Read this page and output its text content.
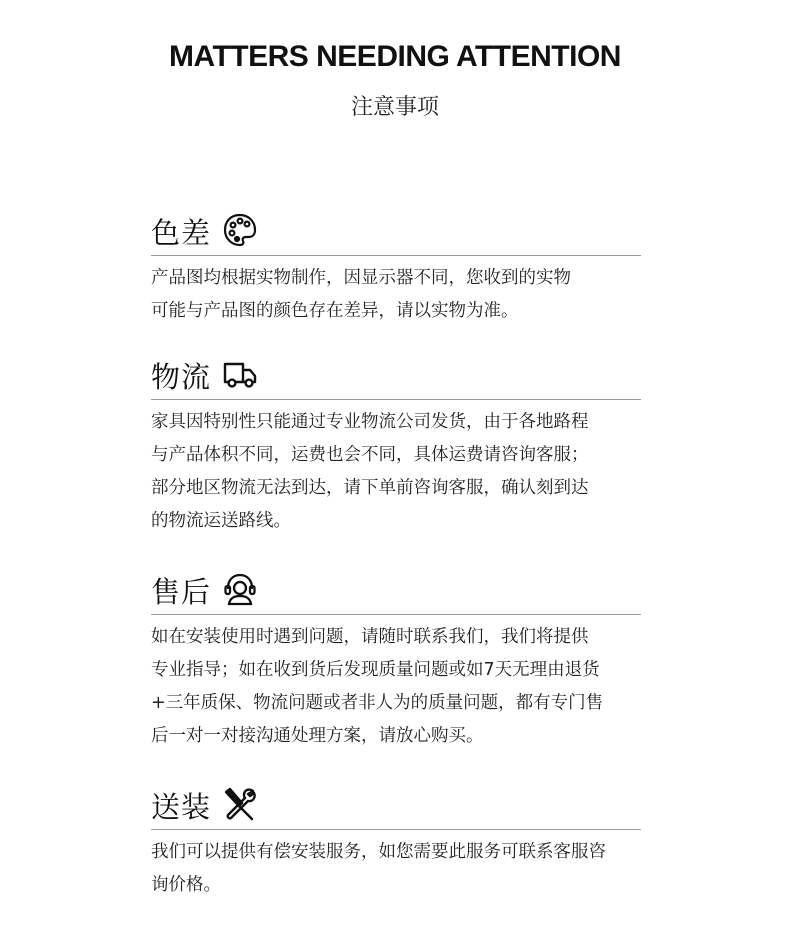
MATTERS NEEDING ATTENTION
注意事项
色差

产品图均根据实物制作，因显示器不同，您收到的实物

可能与产品图的颜色存在差异，请以实物为准。

物流

家具因特别性只能通过专业物流公司发货，由于各地路程

与产品体积不同，运费也会不同，具体运费请咨询客服；

部分地区物流无法到达，请下单前咨询客服，确认刻到达

的物流运送路线。

售后

如在安装使用时遇到问题，请随时联系我们，我们将提供

专业指导；如在收到货后发现质量问题或如7天无理由退货

+三年质保、物流问题或者非人为的质量问题，都有专门售

后一对一对接沟通处理方案，请放心购买。

送装

我们可以提供有偿安装服务，如您需要此服务可联系客服咨

询价格。
